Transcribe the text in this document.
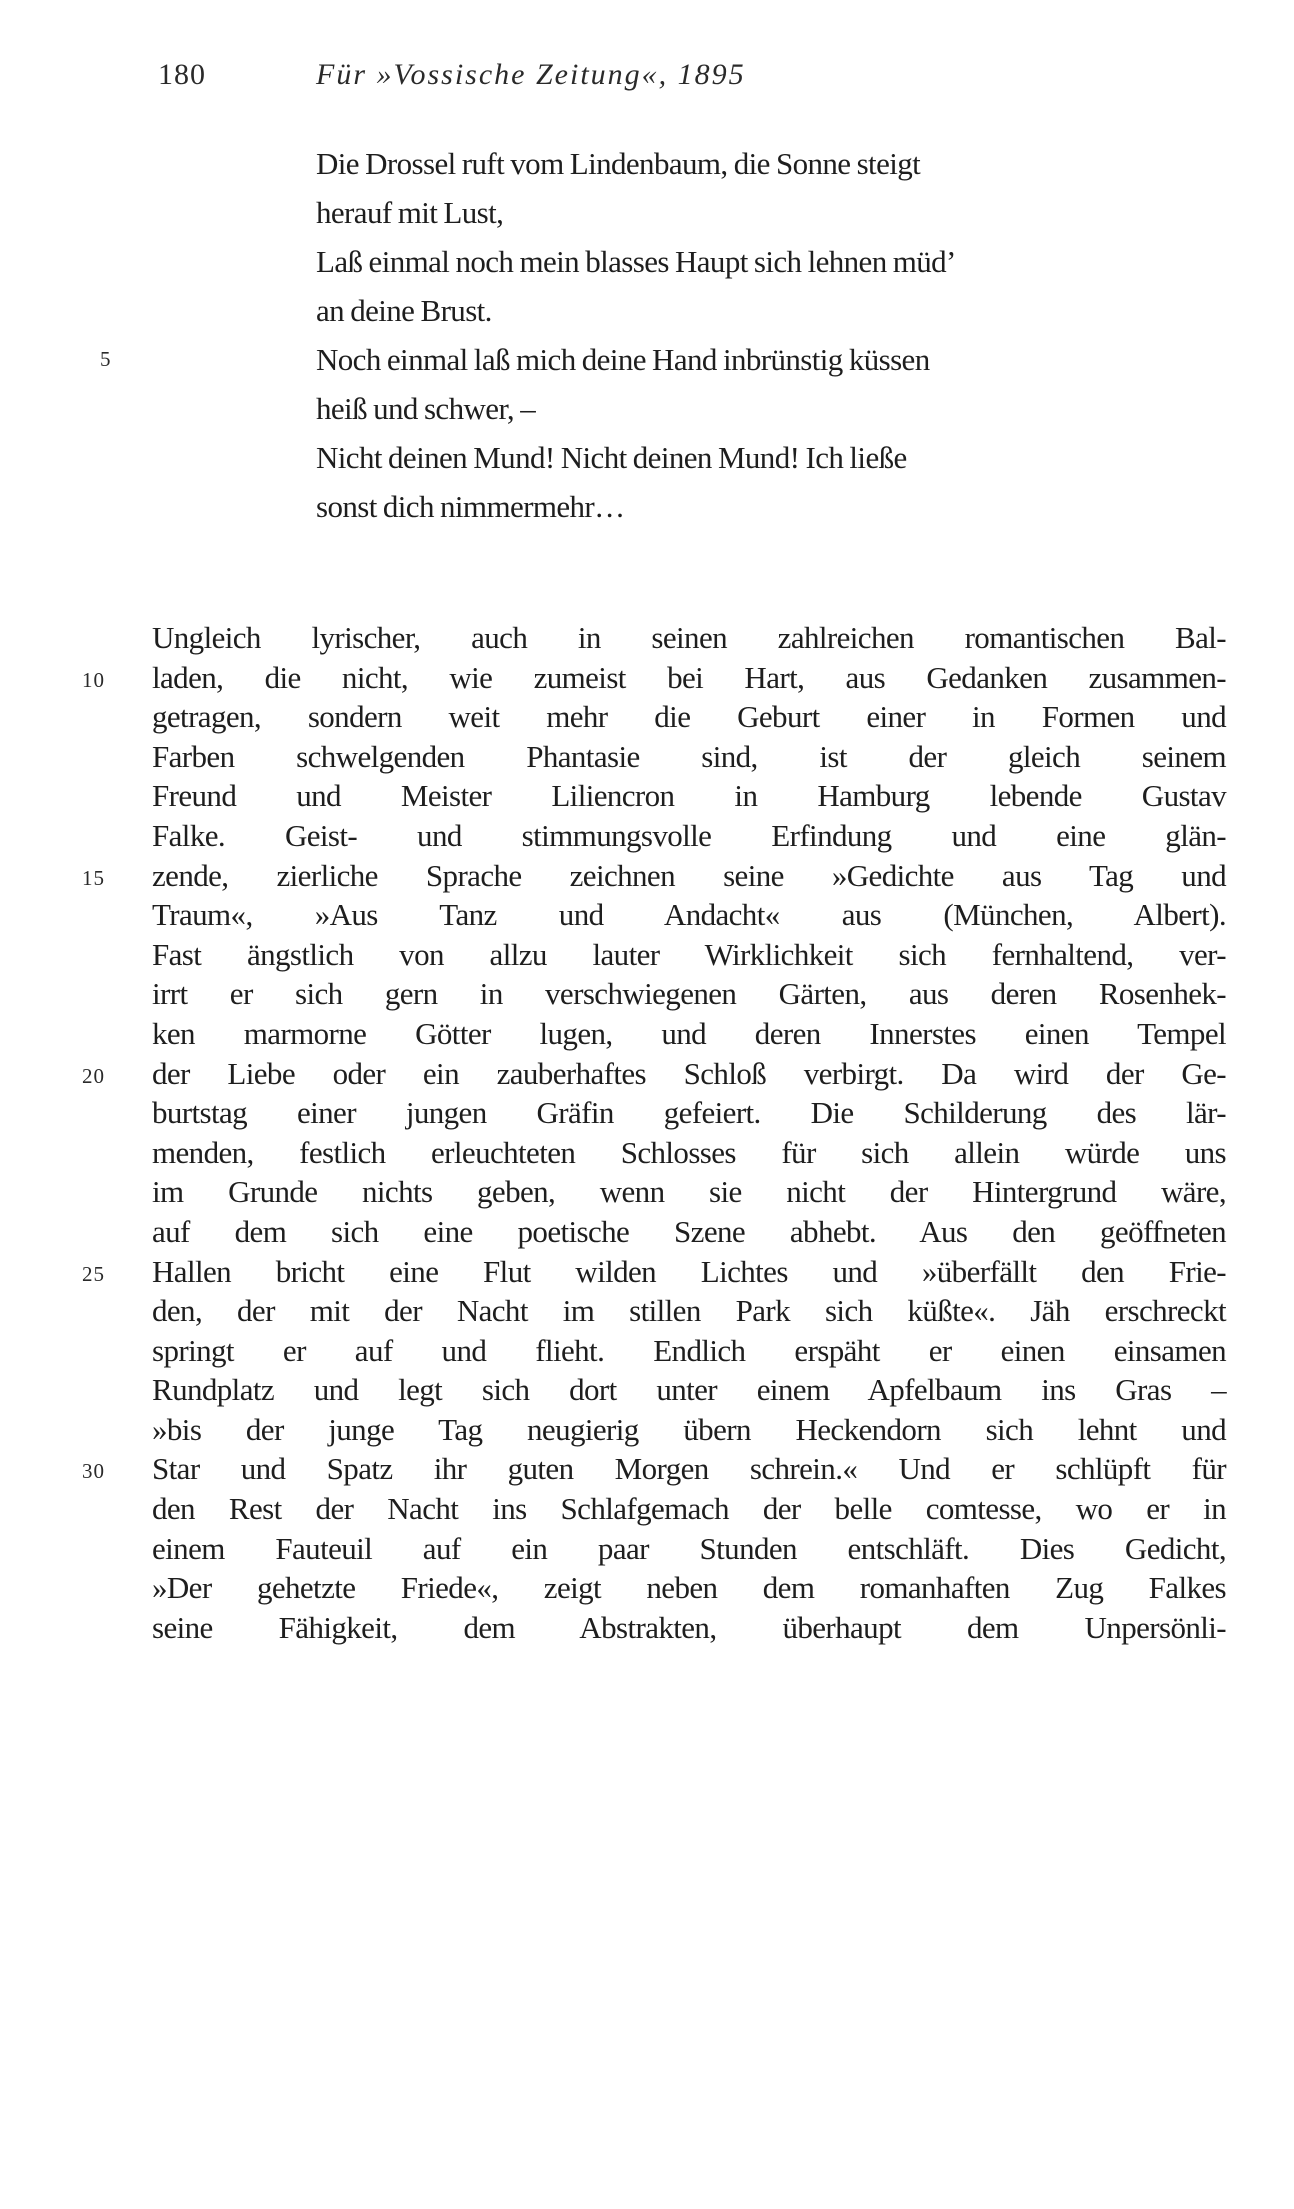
180	Für »Vossische Zeitung«, 1895
Die Drossel ruft vom Lindenbaum, die Sonne steigt
herauf mit Lust,
Laß einmal noch mein blasses Haupt sich lehnen müd’
an deine Brust.
5	Noch einmal laß mich deine Hand inbrünstig küssen
heiß und schwer, –
Nicht deinen Mund! Nicht deinen Mund! Ich ließe
sonst dich nimmermehr…
Ungleich lyrischer, auch in seinen zahlreichen romantischen Bal-
10	laden, die nicht, wie zumeist bei Hart, aus Gedanken zusammen-
getragen, sondern weit mehr die Geburt einer in Formen und
Farben schwelgenden Phantasie sind, ist der gleich seinem
Freund und Meister Liliencron in Hamburg lebende Gustav
Falke. Geist- und stimmungsvolle Erfindung und eine glän-
15	zende, zierliche Sprache zeichnen seine »Gedichte aus Tag und
Traum«, »Aus Tanz und Andacht« aus (München, Albert).
Fast ängstlich von allzu lauter Wirklichkeit sich fernhaltend, ver-
irrt er sich gern in verschwiegenen Gärten, aus deren Rosenhek-
ken marmorne Götter lugen, und deren Innerstes einen Tempel
20	der Liebe oder ein zauberhaftes Schloß verbirgt. Da wird der Ge-
burtstag einer jungen Gräfin gefeiert. Die Schilderung des lär-
menden, festlich erleuchteten Schlosses für sich allein würde uns
im Grunde nichts geben, wenn sie nicht der Hintergrund wäre,
auf dem sich eine poetische Szene abhebt. Aus den geöffneten
25	Hallen bricht eine Flut wilden Lichtes und »überfällt den Frie-
den, der mit der Nacht im stillen Park sich küßte«. Jäh erschreckt
springt er auf und flieht. Endlich erspäht er einen einsamen
Rundplatz und legt sich dort unter einem Apfelbaum ins Gras –
»bis der junge Tag neugierig übern Heckendorn sich lehnt und
30	Star und Spatz ihr guten Morgen schrein.« Und er schlüpft für
den Rest der Nacht ins Schlafgemach der belle comtesse, wo er in
einem Fauteuil auf ein paar Stunden entschläft. Dies Gedicht,
»Der gehetzte Friede«, zeigt neben dem romanhaften Zug Falkes
seine Fähigkeit, dem Abstrakten, überhaupt dem Unpersönli-
